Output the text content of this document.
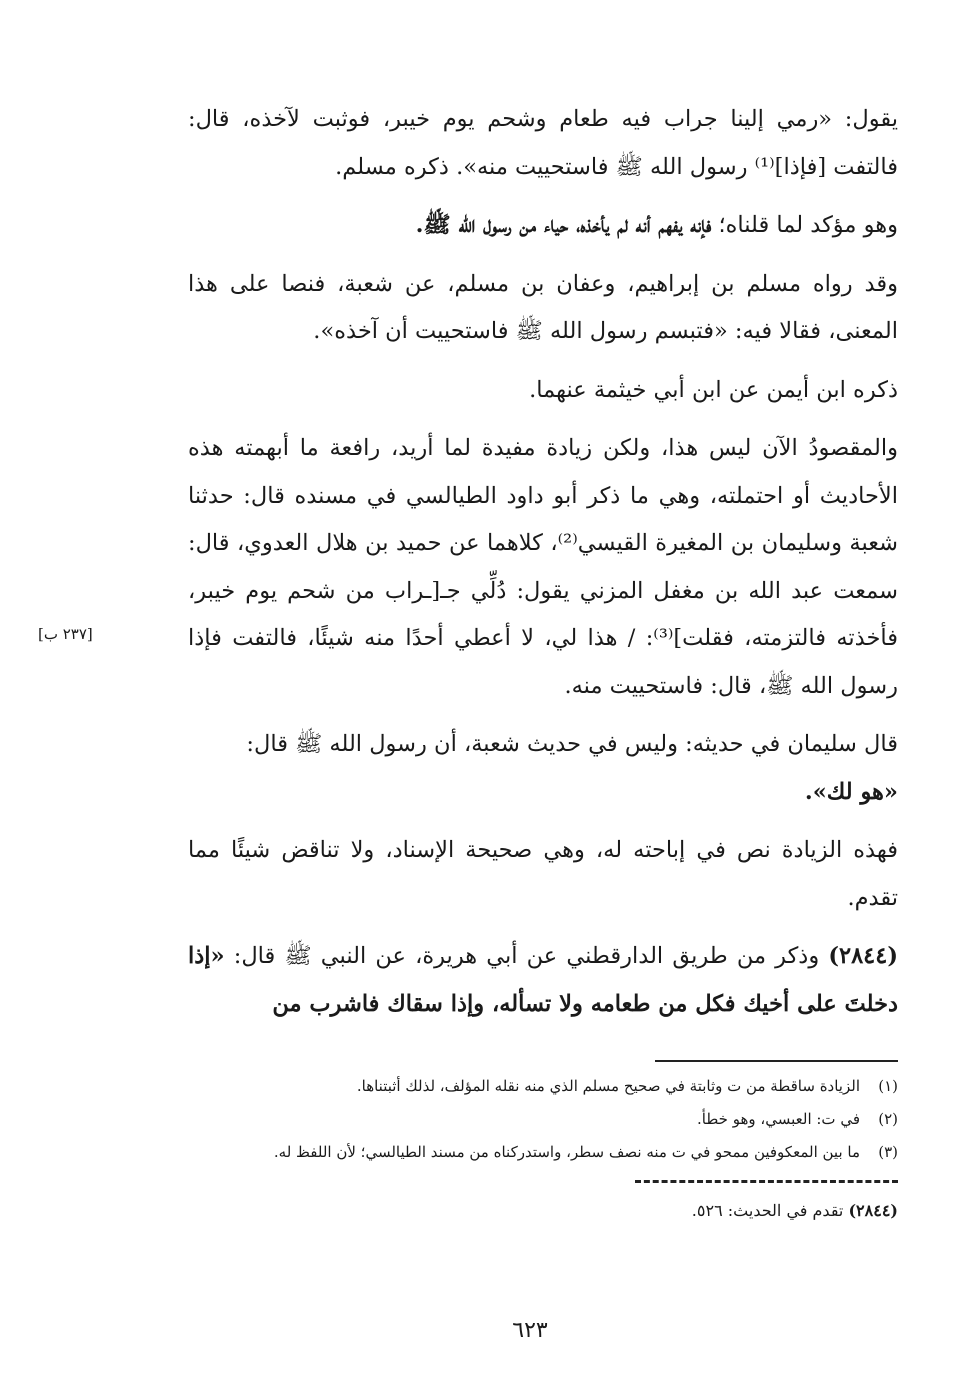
يقول: «رمي إلينا جراب فيه طعام وشحم يوم خيبر، فوثبت لآخذه، قال: فالتفت [فإذا]⁽¹⁾ رسول الله ﷺ فاستحييت منه». ذكره مسلم.

وهو مؤكد لما قلناه؛ فإنه يفهم أنه لم يأخذه، حياء من رسول الله ﷺ.

وقد رواه مسلم بن إبراهيم، وعفان بن مسلم، عن شعبة، فنصا على هذا المعنى، فقالا فيه: «فتبسم رسول الله ﷺ فاستحييت أن آخذه».

ذكره ابن أيمن عن ابن أبي خيثمة عنهما.

والمقصودُ الآن ليس هذا، ولكن زيادة مفيدة لما أريد، رافعة ما أبهمته هذه الأحاديث أو احتملته، وهي ما ذكر أبو داود الطيالسي في مسنده قال: حدثنا شعبة وسليمان بن المغيرة القيسي⁽²⁾، كلاهما عن حميد بن هلال العدوي، قال: سمعت عبد الله بن مغفل المزني يقول: دُلِّي جـ[ـراب من شحم يوم خيبر، فأخذته فالتزمته، فقلت]⁽³⁾: / هذا لي، لا أعطي أحدًا منه شيئًا، فالتفت فإذا رسول الله ﷺ، قال: فاستحييت منه.

قال سليمان في حديثه: وليس في حديث شعبة، أن رسول الله ﷺ قال:
«هو لك».

فهذه الزيادة نص في إباحته له، وهي صحيحة الإسناد، ولا تناقض شيئًا مما تقدم.

(٢٨٤٤) وذكر من طريق الدارقطني عن أبي هريرة، عن النبي ﷺ قال: «إذا دخلتَ على أخيك فكل من طعامه ولا تسأله، وإذا سقاك فاشرب من

[٢٣٧ ب]
(١)
الزيادة ساقطة من ت وثابتة في صحيح مسلم الذي منه نقله المؤلف، لذلك أثبتناها.
(٢)
في ت: العبسي، وهو خطأ.
(٣)
ما بين المعكوفين ممحو في ت منه نصف سطر، واستدركناه من مسند الطيالسي؛ لأن اللفظ له.
(٢٨٤٤) تقدم في الحديث: ٥٢٦.
٦٢٣
